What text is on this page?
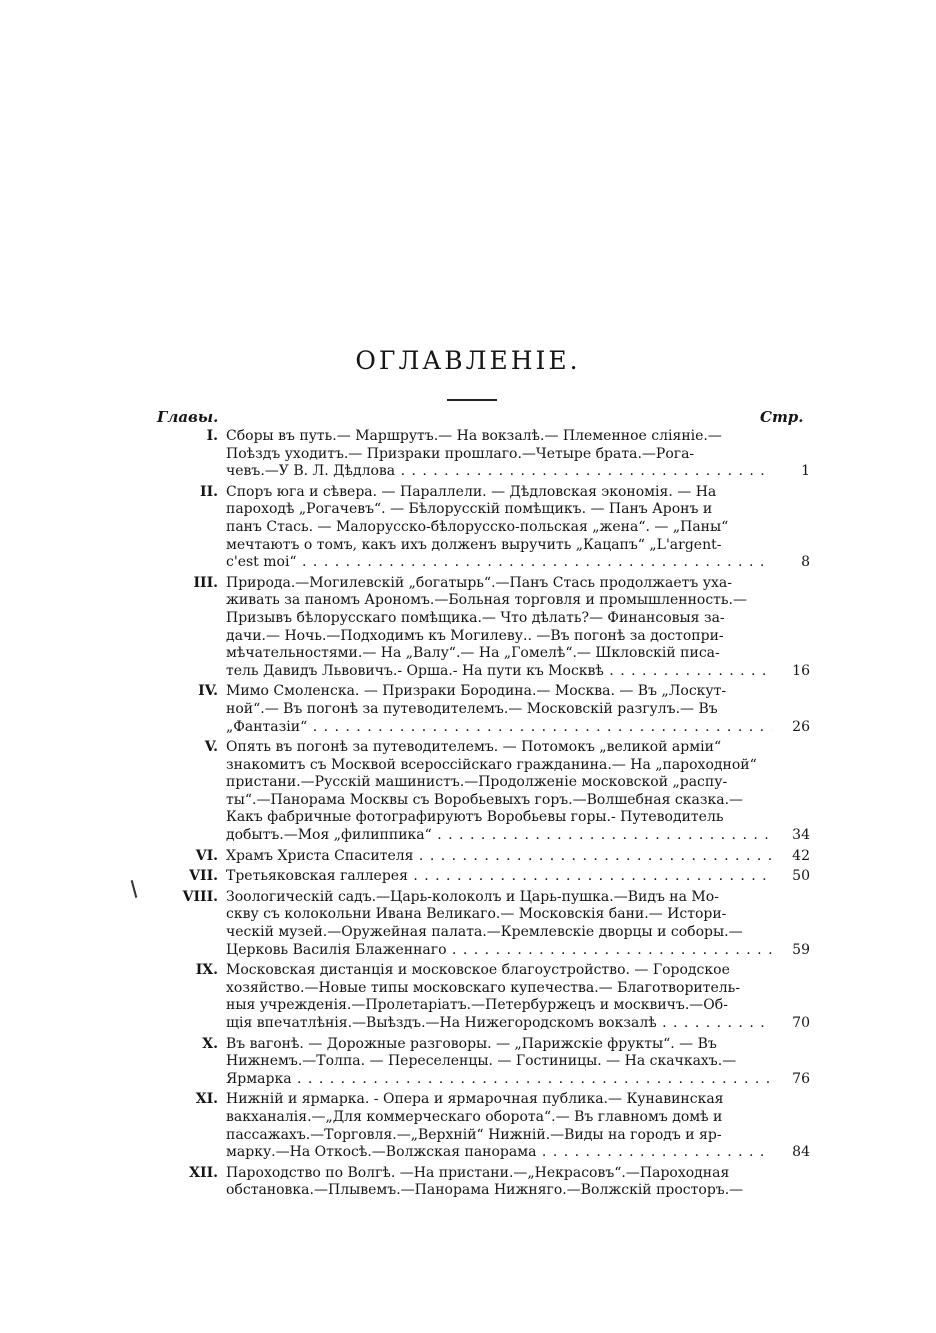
ОГЛАВЛЕНІЕ.
Главы.	Стр.
I. Сборы въ путь.— Маршрутъ.— На вокзалѣ.— Племенное сліяніе.—
Поѣздъ уходитъ.— Призраки прошлаго.—Четыре брата.—Рога-
чевъ.—У В. Л. Дѣдлова . . .	1
II. Споръ юга и сѣвера. — Параллели. — Дѣдловская экономія. — На
пароходѣ „Рогачевъ“. — Бѣлорусскій помѣщикъ. — Панъ Аронъ и
панъ Стась. — Малорусско-бѣлорусско-польская „жена“. — „Паны“
мечтаютъ о томъ, какъ ихъ долженъ выручить „Кацапъ“ „L'argent-
c'est moi“ . . .	8
III. Природа.—Могилевскій „богатырь“.—Панъ Стась продолжаетъ уха-
живать за паномъ Арономъ.—Больная торговля и промышленность.—
Призывъ бѣлорусскаго помѣщика.— Что дѣлать?— Финансовыя за-
дачи.— Ночь.—Подходимъ къ Могилеву.. —Въ погонѣ за достопри-
мѣчательностями.— На „Валу“.— На „Гомелѣ“.— Шкловскій писа-
тель Давидъ Львовичъ.- Орша.- На пути къ Москвѣ . . .	16
IV. Мимо Смоленска. — Призраки Бородина.— Москва. — Въ „Лоскут-
ной“.— Въ погонѣ за путеводителемъ.— Московскій разгулъ.— Въ
„Фантазіи“ . . .	26
V. Опять въ погонѣ за путеводителемъ. — Потомокъ „великой арміи“
знакомитъ съ Москвой всероссійскаго гражданина.— На „пароходной“
пристани.—Русскій машинистъ.—Продолженіе московской „распу-
ты“.—Панорама Москвы съ Воробьевыхъ горъ.—Волшебная сказка.—
Какъ фабричные фотографируютъ Воробьевы горы.- Путеводитель
добытъ.—Моя „филиппика“ . . .	34
VI. Храмъ Христа Спасителя . . .	42
VII. Третьяковская галлерея . . .	50
VIII. Зоологическій садъ.—Царь-колоколъ и Царь-пушка.—Видъ на Мо-
скву съ колокольни Ивана Великаго.— Московскія бани.— Истори-
ческій музей.—Оружейная палата.—Кремлевскіе дворцы и соборы.—
Церковь Василія Блаженнаго . . .	59
IX. Московская дистанція и московское благоустройство. — Городское
хозяйство.—Новые типы московскаго купечества.— Благотворитель-
ныя учрежденія.—Пролетаріатъ.—Петербуржецъ и москвичъ.—Об-
щія впечатлѣнія.—Выѣздъ.—На Нижегородскомъ вокзалѣ . . .	70
X. Въ вагонѣ. — Дорожные разговоры. — „Парижскіе фрукты“. — Въ
Нижнемъ.—Толпа. — Переселенцы. — Гостиницы. — На скачкахъ.—
Ярмарка . . .	76
XI. Нижній и ярмарка. - Опера и ярмарочная публика.— Кунавинская
вакханалія.—„Для коммерческаго оборота“.— Въ главномъ домѣ и
пассажахъ.—Торговля.—„Верхній“ Нижній.—Виды на городъ и яр-
марку.—На Откосѣ.—Волжская панорама . . .	84
XII. Пароходство по Волгѣ. —На пристани.—„Некрасовъ“.—Пароходная
обстановка.—Плывемъ.—Панорама Нижняго.—Волжскій просторъ.—
